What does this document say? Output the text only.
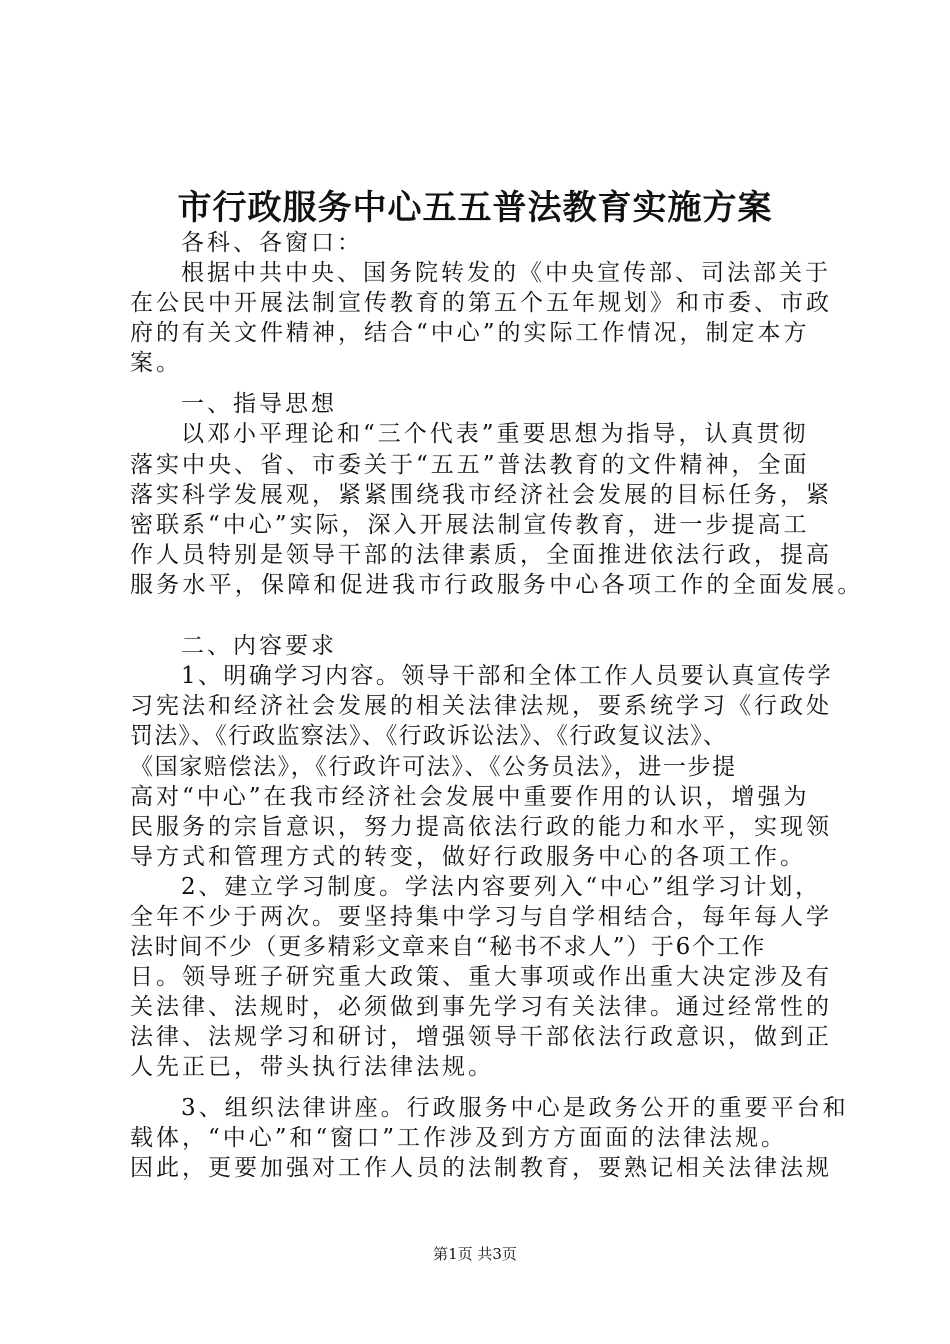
市行政服务中心五五普法教育实施方案
各科、各窗口：
根据中共中央、国务院转发的《中央宣传部、司法部关于
在公民中开展法制宣传教育的第五个五年规划》和市委、市政
府的有关文件精神，结合“中心”的实际工作情况，制定本方
案。
一、指导思想
以邓小平理论和“三个代表”重要思想为指导，认真贯彻
落实中央、省、市委关于“五五”普法教育的文件精神，全面
落实科学发展观，紧紧围绕我市经济社会发展的目标任务，紧
密联系“中心”实际，深入开展法制宣传教育，进一步提高工
作人员特别是领导干部的法律素质，全面推进依法行政，提高
服务水平，保障和促进我市行政服务中心各项工作的全面发展。
二、内容要求
1、明确学习内容。领导干部和全体工作人员要认真宣传学
习宪法和经济社会发展的相关法律法规，要系统学习《行政处
罚法》、《行政监察法》、《行政诉讼法》、《行政复议法》、
《国家赔偿法》，《行政许可法》、《公务员法》，进一步提
高对“中心”在我市经济社会发展中重要作用的认识，增强为
民服务的宗旨意识，努力提高依法行政的能力和水平，实现领
导方式和管理方式的转变，做好行政服务中心的各项工作。
2、建立学习制度。学法内容要列入“中心”组学习计划，
全年不少于两次。要坚持集中学习与自学相结合，每年每人学
法时间不少（更多精彩文章来自“秘书不求人”）于6个工作
日。领导班子研究重大政策、重大事项或作出重大决定涉及有
关法律、法规时，必须做到事先学习有关法律。通过经常性的
法律、法规学习和研讨，增强领导干部依法行政意识，做到正
人先正已，带头执行法律法规。
3、组织法律讲座。行政服务中心是政务公开的重要平台和
载体，“中心”和“窗口”工作涉及到方方面面的法律法规。
因此，更要加强对工作人员的法制教育，要熟记相关法律法规
第1页 共3页
